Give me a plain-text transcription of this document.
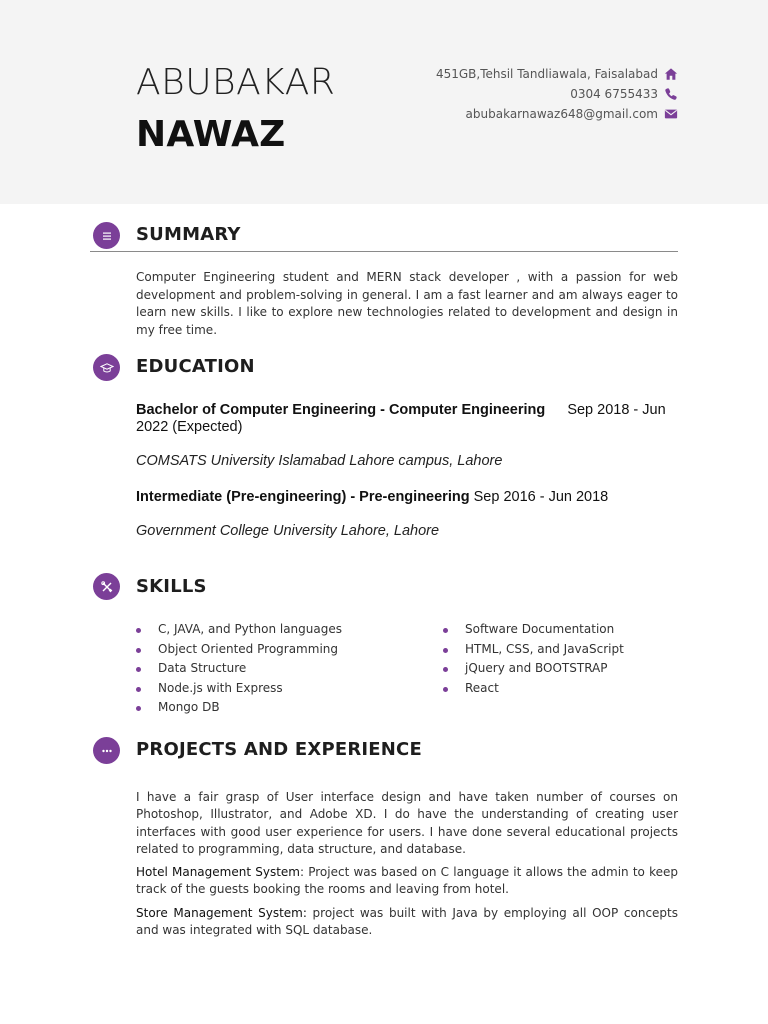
ABUBAKAR
NAWAZ
451GB,Tehsil Tandliawala, Faisalabad
0304 6755433
abubakarnawaz648@gmail.com
SUMMARY
Computer Engineering student and MERN stack developer , with a passion for web development and problem-solving in general. I am a fast learner and am always eager to learn new skills. I like to explore new technologies related to development and design in my free time.
EDUCATION
Bachelor of Computer Engineering - Computer Engineering Sep 2018 - Jun 2022 (Expected)
COMSATS University Islamabad Lahore campus, Lahore
Intermediate (Pre-engineering) - Pre-engineering Sep 2016 - Jun 2018
Government College University Lahore, Lahore
SKILLS
C, JAVA, and Python languages
Object Oriented Programming
Data Structure
Node.js with Express
Mongo DB
Software Documentation
HTML, CSS, and JavaScript
jQuery and BOOTSTRAP
React
PROJECTS AND EXPERIENCE
I have a fair grasp of User interface design and have taken number of courses on Photoshop, Illustrator, and Adobe XD. I do have the understanding of creating user interfaces with good user experience for users. I have done several educational projects related to programming, data structure, and database.
Hotel Management System: Project was based on C language it allows the admin to keep track of the guests booking the rooms and leaving from hotel.
Store Management System: project was built with Java by employing all OOP concepts and was integrated with SQL database.
